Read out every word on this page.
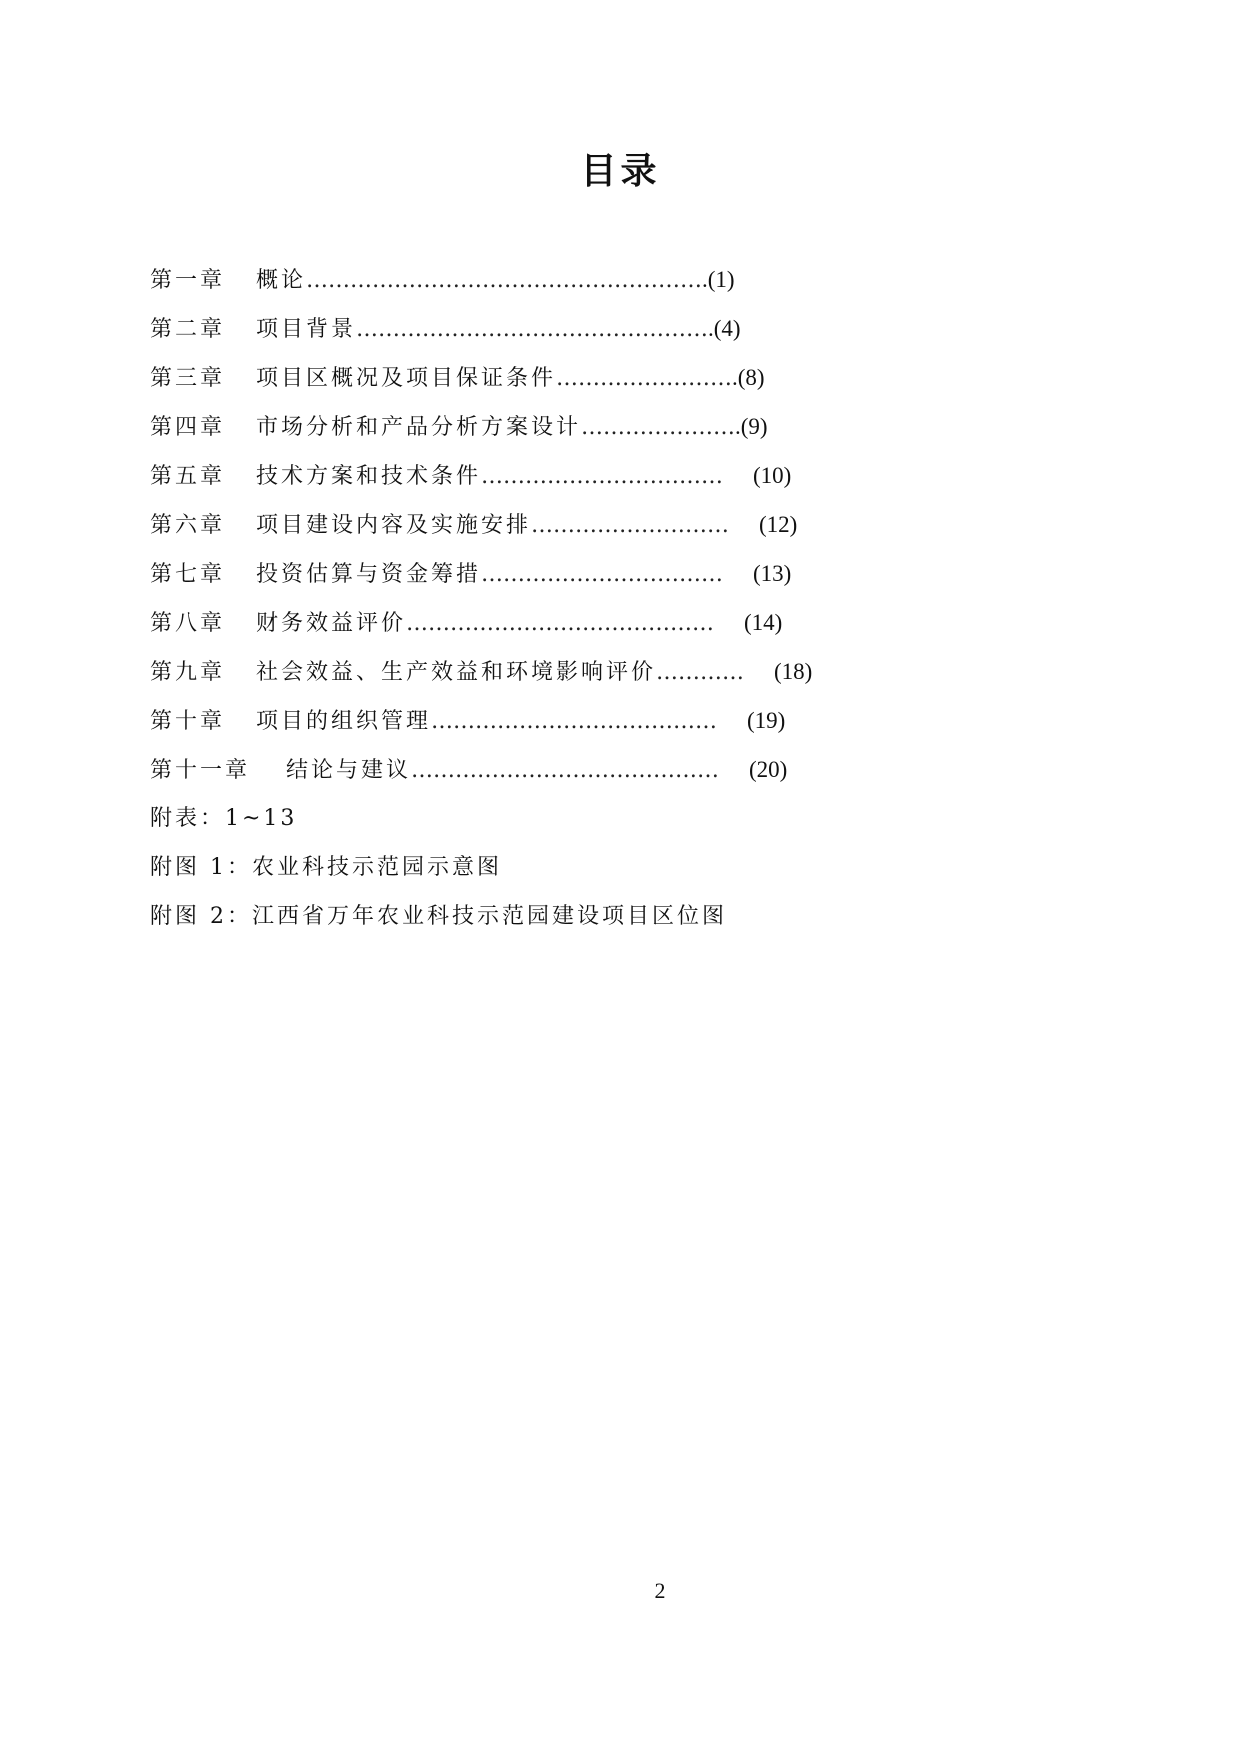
目录
第一章 概论……………………………………………….(1)
第二章 项目背景………………………………………….(4)
第三章 项目区概况及项目保证条件…………………….(8)
第四章 市场分析和产品分析方案设计………………….(9)
第五章 技术方案和技术条件…………………………… (10)
第六章 项目建设内容及实施安排……………………… (12)
第七章 投资估算与资金筹措…………………………… (13)
第八章 财务效益评价…………………………………… (14)
第九章 社会效益、生产效益和环境影响评价………… (18)
第十章 项目的组织管理………………………………… (19)
第十一章 结论与建议…………………………………… (20)
附表：1~13
附图 1：农业科技示范园示意图
附图 2：江西省万年农业科技示范园建设项目区位图
2
